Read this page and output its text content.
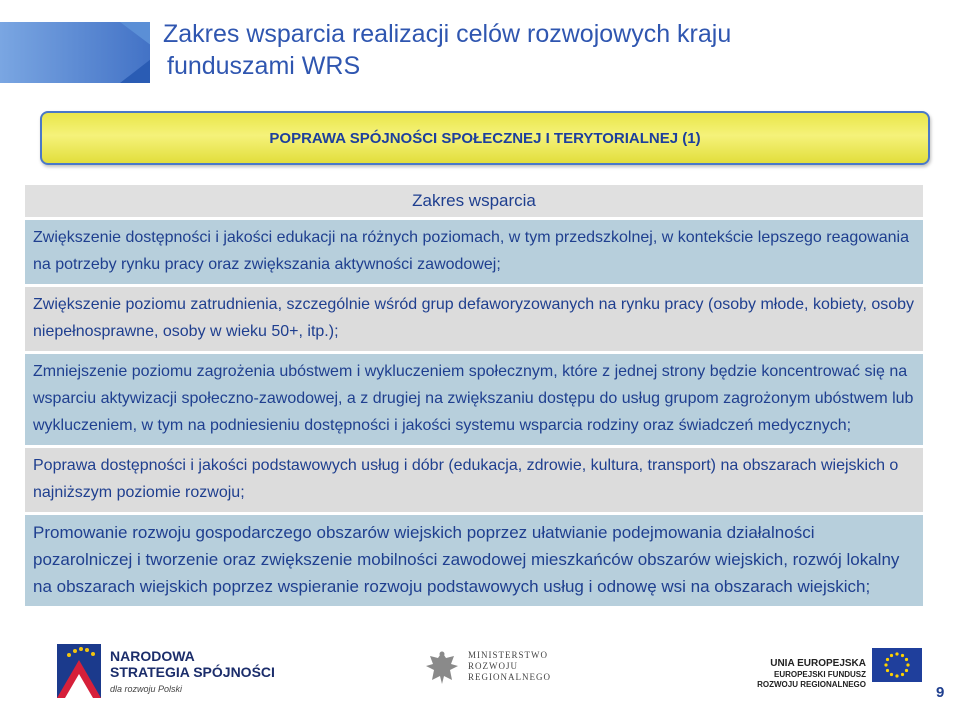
Zakres wsparcia realizacji celów rozwojowych kraju
funduszami WRS
POPRAWA SPÓJNOŚCI SPOŁECZNEJ I TERYTORIALNEJ (1)
Zakres wsparcia
Zwiększenie dostępności i jakości edukacji na różnych poziomach, w tym przedszkolnej, w kontekście lepszego reagowania na potrzeby rynku pracy oraz zwiększania aktywności zawodowej;
Zwiększenie poziomu zatrudnienia, szczególnie wśród grup defaworyzowanych na rynku pracy (osoby młode, kobiety, osoby niepełnosprawne, osoby w wieku 50+, itp.);
Zmniejszenie poziomu zagrożenia ubóstwem i wykluczeniem społecznym, które z jednej strony będzie koncentrować się na wsparciu aktywizacji społeczno-zawodowej, a z drugiej na zwiększaniu dostępu do usług grupom zagrożonym ubóstwem lub wykluczeniem, w tym na podniesieniu dostępności i jakości systemu wsparcia rodziny oraz świadczeń medycznych;
Poprawa dostępności i jakości podstawowych usług i dóbr (edukacja, zdrowie, kultura, transport) na obszarach wiejskich o najniższym poziomie rozwoju;
Promowanie rozwoju gospodarczego obszarów wiejskich poprzez ułatwianie podejmowania działalności pozarolniczej i tworzenie oraz zwiększenie mobilności zawodowej mieszkańców obszarów wiejskich, rozwój lokalny na obszarach wiejskich poprzez wspieranie rozwoju podstawowych usług i odnowę wsi na obszarach wiejskich;
NARODOWA
STRATEGIA SPÓJNOŚCI
dla rozwoju Polski
MINISTERSTWO
ROZWOJU
REGIONALNEGO
UNIA EUROPEJSKA
EUROPEJSKI FUNDUSZ
ROZWOJU REGIONALNEGO	9
